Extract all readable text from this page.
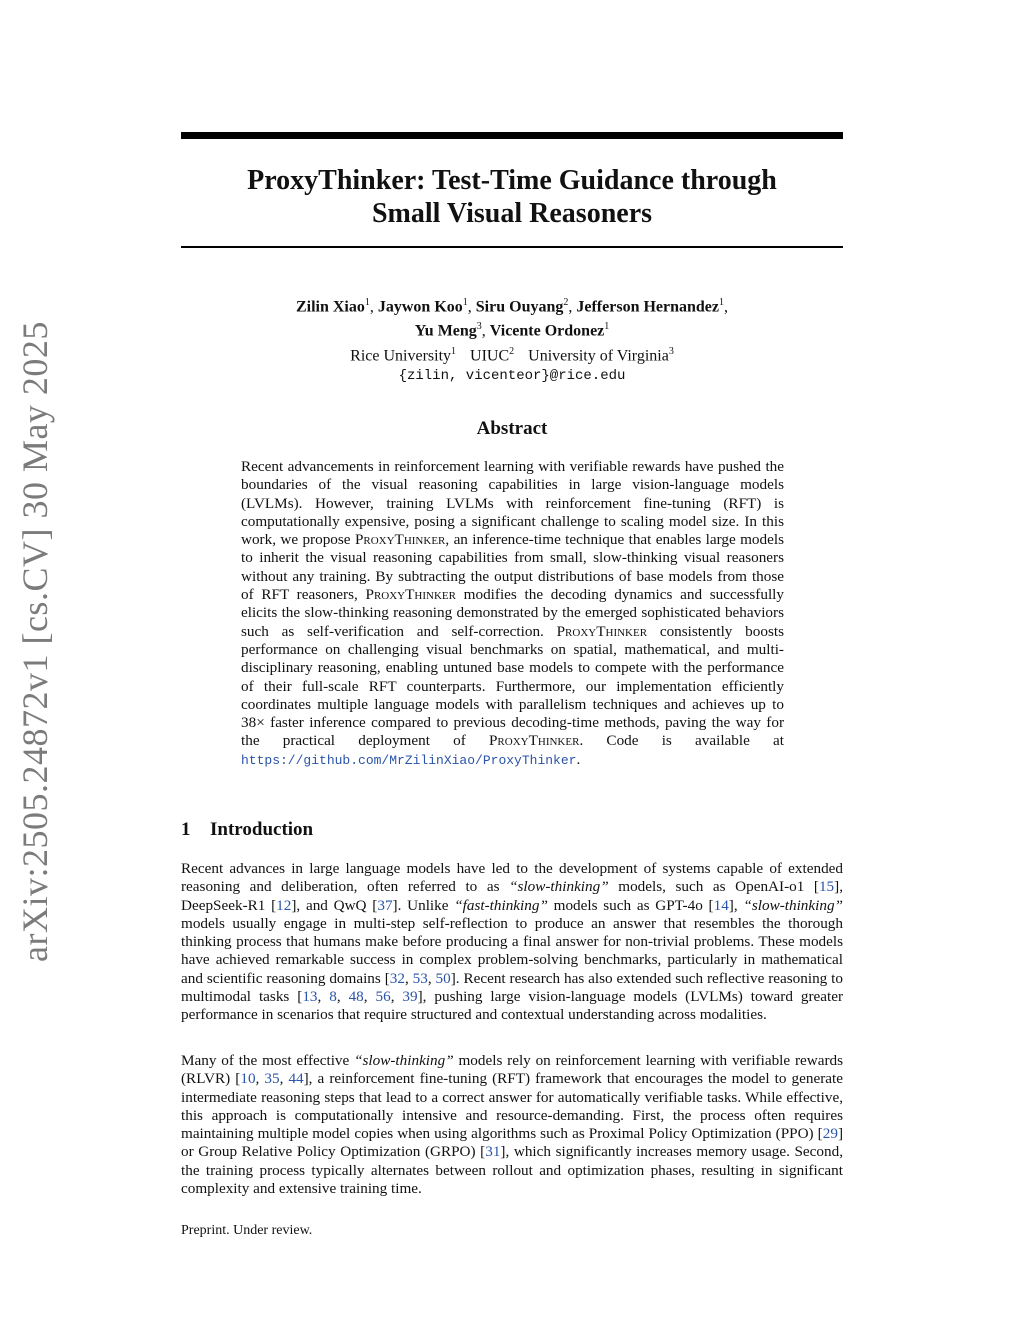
arXiv:2505.24872v1 [cs.CV] 30 May 2025
ProxyThinker: Test-Time Guidance through
Small Visual Reasoners
Zilin Xiao$^1$, Jaywon Koo$^1$, Siru Ouyang$^2$, Jefferson Hernandez$^1$,
Yu Meng$^3$, Vicente Ordonez$^1$
Rice University$^1$ UIUC$^2$ University of Virginia$^3$
{zilin, vicenteor}@rice.edu
Abstract

Recent advancements in reinforcement learning with verifiable rewards have pushed the boundaries of the visual reasoning capabilities in large vision-language models (LVLMs). However, training LVLMs with reinforcement fine-tuning (RFT) is computationally expensive, posing a significant challenge to scaling model size. In this work, we propose ProxyThinker, an inference-time technique that enables large models to inherit the visual reasoning capabilities from small, slow-thinking visual reasoners without any training. By subtracting the output distributions of base models from those of RFT reasoners, ProxyThinker modifies the decoding dynamics and successfully elicits the slow-thinking reasoning demonstrated by the emerged sophisticated behaviors such as self-verification and self-correction. ProxyThinker consistently boosts performance on challenging visual benchmarks on spatial, mathematical, and multi-disciplinary reasoning, enabling untuned base models to compete with the performance of their full-scale RFT counterparts. Furthermore, our implementation efficiently coordinates multiple language models with parallelism techniques and achieves up to 38× faster inference compared to previous decoding-time methods, paving the way for the practical deployment of ProxyThinker. Code is available at https://github.com/MrZilinXiao/ProxyThinker.

1 Introduction

Recent advances in large language models have led to the development of systems capable of extended reasoning and deliberation, often referred to as “slow-thinking” models, such as OpenAI-o1 [15], DeepSeek-R1 [12], and QwQ [37]. Unlike “fast-thinking” models such as GPT-4o [14], “slow-thinking” models usually engage in multi-step self-reflection to produce an answer that resembles the thorough thinking process that humans make before producing a final answer for non-trivial problems. These models have achieved remarkable success in complex problem-solving benchmarks, particularly in mathematical and scientific reasoning domains [32, 53, 50]. Recent research has also extended such reflective reasoning to multimodal tasks [13, 8, 48, 56, 39], pushing large vision-language models (LVLMs) toward greater performance in scenarios that require structured and contextual understanding across modalities.

Many of the most effective “slow-thinking” models rely on reinforcement learning with verifiable rewards (RLVR) [10, 35, 44], a reinforcement fine-tuning (RFT) framework that encourages the model to generate intermediate reasoning steps that lead to a correct answer for automatically verifiable tasks. While effective, this approach is computationally intensive and resource-demanding. First, the process often requires maintaining multiple model copies when using algorithms such as Proximal Policy Optimization (PPO) [29] or Group Relative Policy Optimization (GRPO) [31], which significantly increases memory usage. Second, the training process typically alternates between rollout and optimization phases, resulting in significant complexity and extensive training time.

Preprint. Under review.
